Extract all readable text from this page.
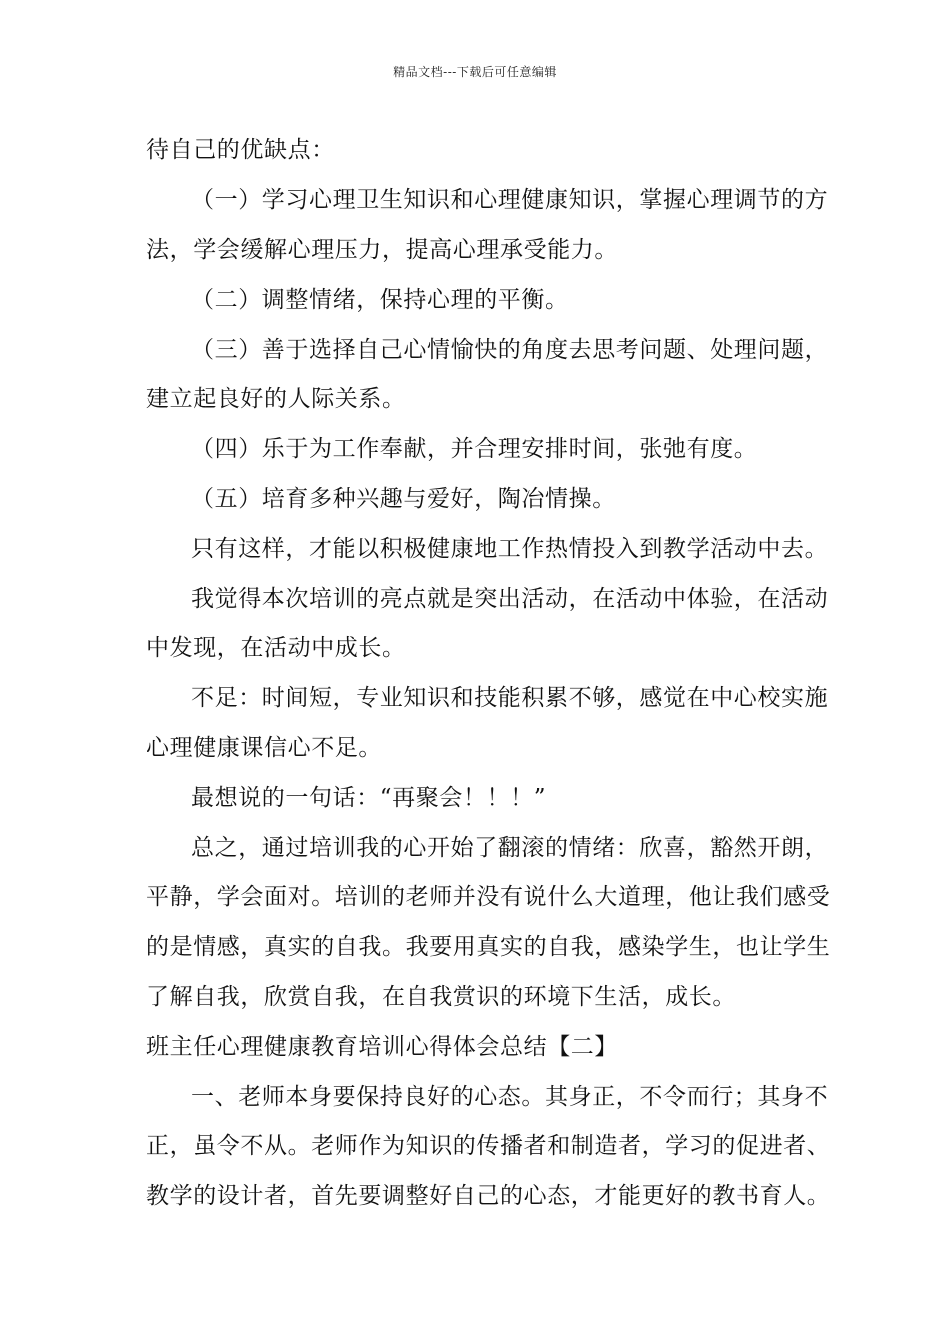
精品文档---下载后可任意编辑
待自己的优缺点：
（一）学习心理卫生知识和心理健康知识，掌握心理调节的方
法，学会缓解心理压力，提高心理承受能力。
（二）调整情绪，保持心理的平衡。
（三）善于选择自己心情愉快的角度去思考问题、处理问题，
建立起良好的人际关系。
（四）乐于为工作奉献，并合理安排时间，张弛有度。
（五）培育多种兴趣与爱好，陶冶情操。
只有这样，才能以积极健康地工作热情投入到教学活动中去。
我觉得本次培训的亮点就是突出活动，在活动中体验，在活动
中发现，在活动中成长。
不足：时间短，专业知识和技能积累不够，感觉在中心校实施
心理健康课信心不足。
最想说的一句话：“再聚会！！！”
总之，通过培训我的心开始了翻滚的情绪：欣喜，豁然开朗，
平静，学会面对。培训的老师并没有说什么大道理，他让我们感受
的是情感，真实的自我。我要用真实的自我，感染学生，也让学生
了解自我，欣赏自我，在自我赏识的环境下生活，成长。
班主任心理健康教育培训心得体会总结【二】
一、老师本身要保持良好的心态。其身正，不令而行；其身不
正，虽令不从。老师作为知识的传播者和制造者，学习的促进者、
教学的设计者，首先要调整好自己的心态，才能更好的教书育人。
